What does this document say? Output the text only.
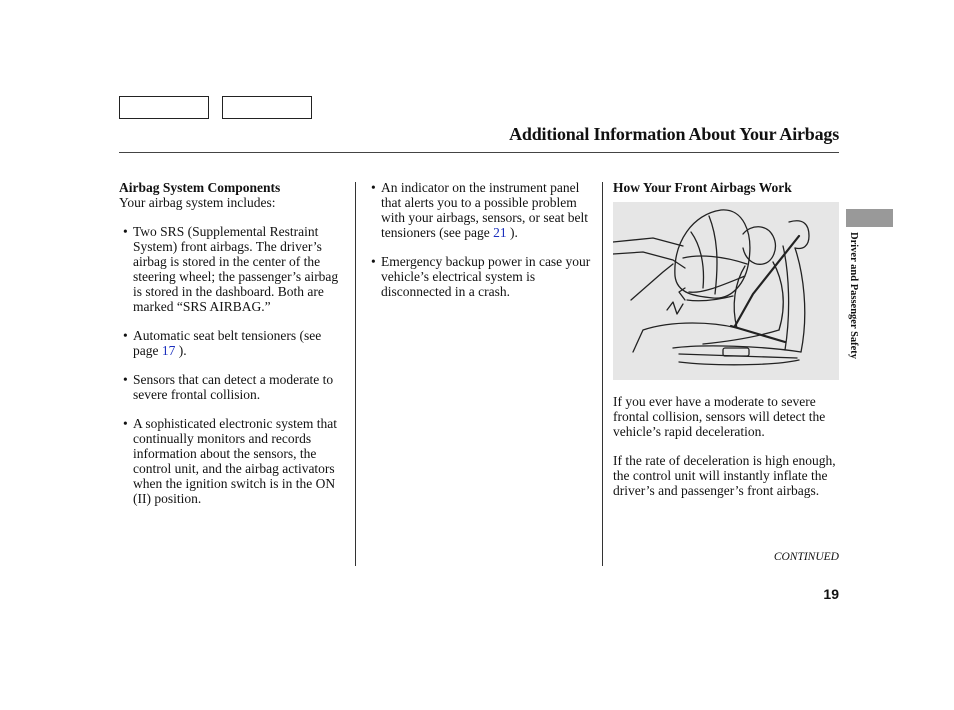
Additional Information About Your Airbags

Airbag System Components

Your airbag system includes:

• Two SRS (Supplemental Restraint System) front airbags. The driver’s airbag is stored in the center of the steering wheel; the passenger’s airbag is stored in the dashboard. Both are marked “SRS AIRBAG.”

• Automatic seat belt tensioners (see page 17 ).

• Sensors that can detect a moderate to severe frontal collision.

• A sophisticated electronic system that continually monitors and records information about the sensors, the control unit, and the airbag activators when the ignition switch is in the ON (II) position.

• An indicator on the instrument panel that alerts you to a possible problem with your airbags, sensors, or seat belt tensioners (see page 21 ).

• Emergency backup power in case your vehicle’s electrical system is disconnected in a crash.

How Your Front Airbags Work

If you ever have a moderate to severe frontal collision, sensors will detect the vehicle’s rapid deceleration.

If the rate of deceleration is high enough, the control unit will instantly inflate the driver’s and passenger’s front airbags.

CONTINUED
19
Driver and Passenger Safety
